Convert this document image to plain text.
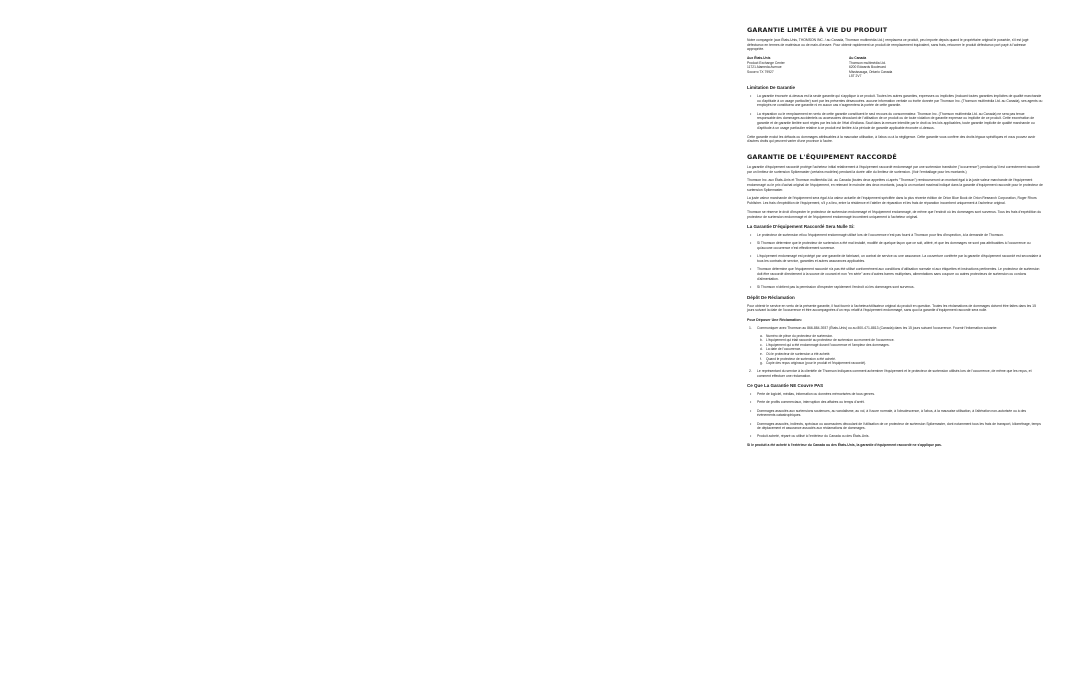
GARANTIE LIMITÉE À VIE DU PRODUIT

Notre compagnie (aux États-Unis, THOMSON INC. / au Canada, Thomson multimédia Ltd.) remplacera ce produit, peu importe depuis quand le propriétaire original le possède, s'il est jugé défectueux en termes de matériaux ou de main-d'œuvre. Pour obtenir rapidement un produit de remplacement équivalent, sans frais, retourner le produit défectueux port payé à l'adresse appropriée.

Aux États-Unis
Product Exchange Center
11721 Alameda Avenue
Socorro TX 79927
Au Canada
Thomson multimédia Ltd.
6200 Edwards Boulevard
Mississauga, Ontario Canada
L5T 2V7
Limitation De Garantie
• La garantie énoncée ci-dessus est la seule garantie qui s'applique à ce produit. Toutes les autres garanties, expresses ou implicites (incluant toutes garanties implicites de qualité marchande ou d'aptitude à un usage particulier) sont par les présentes désavouées. aucune information verbale ou écrite donnée par Thomson Inc. (Thomson multimédia Ltd. au Canada), ses agents ou employés ne constituera une garantie ni en aucun cas n'augmentera la portée de cette garantie.
• La réparation ou le remplacement en vertu de cette garantie constituent le seul recours du consommateur. Thomson Inc. (Thomson multimédia Ltd. au Canada) ne sera pas tenue responsable des dommages accidentels ou accessoires découlant de l'utilisation de ce produit ou de toute violation de garantie expresse ou implicite de ce produit. Cette exonération de garantie et de garantie limitée sont régies par les lois de l'état d'Indiana. Sauf dans la mesure interdite par le droit ou les lois applicables, toute garantie implicite de qualité marchande ou d'aptitude à un usage particulier relative à ce produit est limitée à la période de garantie applicable énoncée ci-dessus.

Cette garantie exclut les défauts ou dommages attribuables à la mauvaise utilisation, à l'abus ou à la négligence. Cette garantie vous confère des droits légaux spécifiques et vous pouvez avoir d'autres droits qui peuvent varier d'une province à l'autre.

GARANTIE DE L'ÉQUIPEMENT RACCORDÉ

La garantie d'équipement raccordé protège l'acheteur initial relativement à l'équipement raccordé endommagé par une surtension transitoire ("occurrence") pendant qu'il est correctement raccordé par un limiteur de surtension Spikemaster (certains modèles) pendant la durée utile du limiteur de surtension. (Voir l'emballage pour les montants.)

Thomson Inc. aux États-Unis et Thomson multimédia Ltd. au Canada (toutes deux appelées ci-après "Thomson") rembourseront un montant égal à la juste valeur marchande de l'équipement endommagé ou le prix d'achat original de l'équipement, en retenant le moindre des deux montants, jusqu'à un montant maximal indiqué dans la garantie d'équipement raccordé pour le protecteur de surtension Spikemaster.

La juste valeur marchande de l'équipement sera égal à la valeur actuelle de l'équipement spécifiée dans la plus récente édition de Orion Blue Book de Orion Research Corporation, Roger Rhors Publisher. Les frais d'expédition de l'équipement, s'il y a lieu, entre la résidence et l'atelier de réparation et les frais de réparation incombent uniquement à l'acheteur original.

Thomson se réserve le droit d'inspecter le protecteur de surtension endommagé et l'équipement endommagé, de même que l'endroit où les dommages sont survenus. Tous les frais d'expédition du protecteur de surtension endommagé et de l'équipement endommagé incombent uniquement à l'acheteur original.

La Garantie D'équipement Raccordé Sera Nulle Si:
• Le protecteur de surtension et/ou l'équipement endommagé utilisé lors de l'occurrence n'est pas fourni à Thomson pour fins d'inspection, à la demande de Thomson.
• Si Thomson détermine que le protecteur de surtension a été mal installé, modifié de quelque façon que ce soit, altéré, et que les dommages ne sont pas attribuables à l'occurrence ou qu'aucune occurrence n'est effectivement survenue.
• L'équipement endommagé est protégé par une garantie de fabricant, un contrat de service ou une assurance. La couverture conférée par la garantie d'équipement raccordé est secondaire à tous les contrats de service, garanties et autres assurances applicables.
• Thomson détermine que l'équipement raccordé n'a pas été utilisé conformément aux conditions d'utilisation normale ni aux étiquettes et instructions pertinentes. Le protecteur de surtension doit être raccordé directement à la source de courant et non "en série" avec d'autres barres multiprises, alimentations sans coupure ou autres protecteurs de surtension ou cordons d'alimentation.
• Si Thomson n'obtient pas la permission d'inspecter rapidement l'endroit où les dommages sont survenus.
Dépôt De Réclamation

Pour obtenir le service en vertu de la présente garantie, il faut fournir à l'acheteur/utilisateur original du produit en question. Toutes les réclamations de dommages doivent être faites dans les 15 jours suivant la date de l'occurrence et être accompagnées d'un reçu relatif à l'équipement endommagé, sans quoi la garantie d'équipement raccordé sera nulle.

Pour Déposer Une Réclamation:
1. Communiquer avec Thomson au 866-884-3937 (États-Unis) ou au 800-471-8813 (Canada) dans les 15 jours suivant l'occurrence. Fournir l'information suivante:
a. Numéro de pièce du protecteur de surtension.
b. L'équipement qui était raccordé au protecteur de surtension au moment de l'occurrence.
c. L'équipement qui a été endommagé durant l'occurrence et l'ampleur des dommages.
d. La date de l'occurrence.
e. Où le protecteur de surtension a été acheté.
f. Quand le protecteur de surtension a été acheté.
g. Copie des reçus originaux (pour le produit et l'équipement raccordé).
2. Le représentant du service à la clientèle de Thomson indiquera comment acheminer l'équipement et le protecteur de surtension utilisés lors de l'occurrence, de même que les reçus, et comment effectuer une réclamation.
Ce Que La Garantie NE Couvre PAS
• Perte de logiciel, médias, information ou données mémorisées de tous genres.
• Perte de profits commerciaux, interruption des affaires ou temps d'arrêt.
• Dommages associés aux surtensions soutenues, au vandalisme, au vol, à l'usure normale, à l'obsolescence, à l'abus, à la mauvaise utilisation, à l'altération non-autorisée ou à des événements catastrophiques.
• Dommages associés, indirects, spéciaux ou accessoires découlant de l'utilisation de ce protecteur de surtension Spikemaster, dont notamment tous les frais de transport, kilométrage, temps de déplacement et assurance associés aux réclamations de dommages.
• Produit acheté, réparé ou utilisé à l'extérieur du Canada ou des États-Unis.
Si le produit a été acheté à l'extérieur du Canada ou des États-Unis, la garantie d'équipement raccordé ne s'applique pas.
